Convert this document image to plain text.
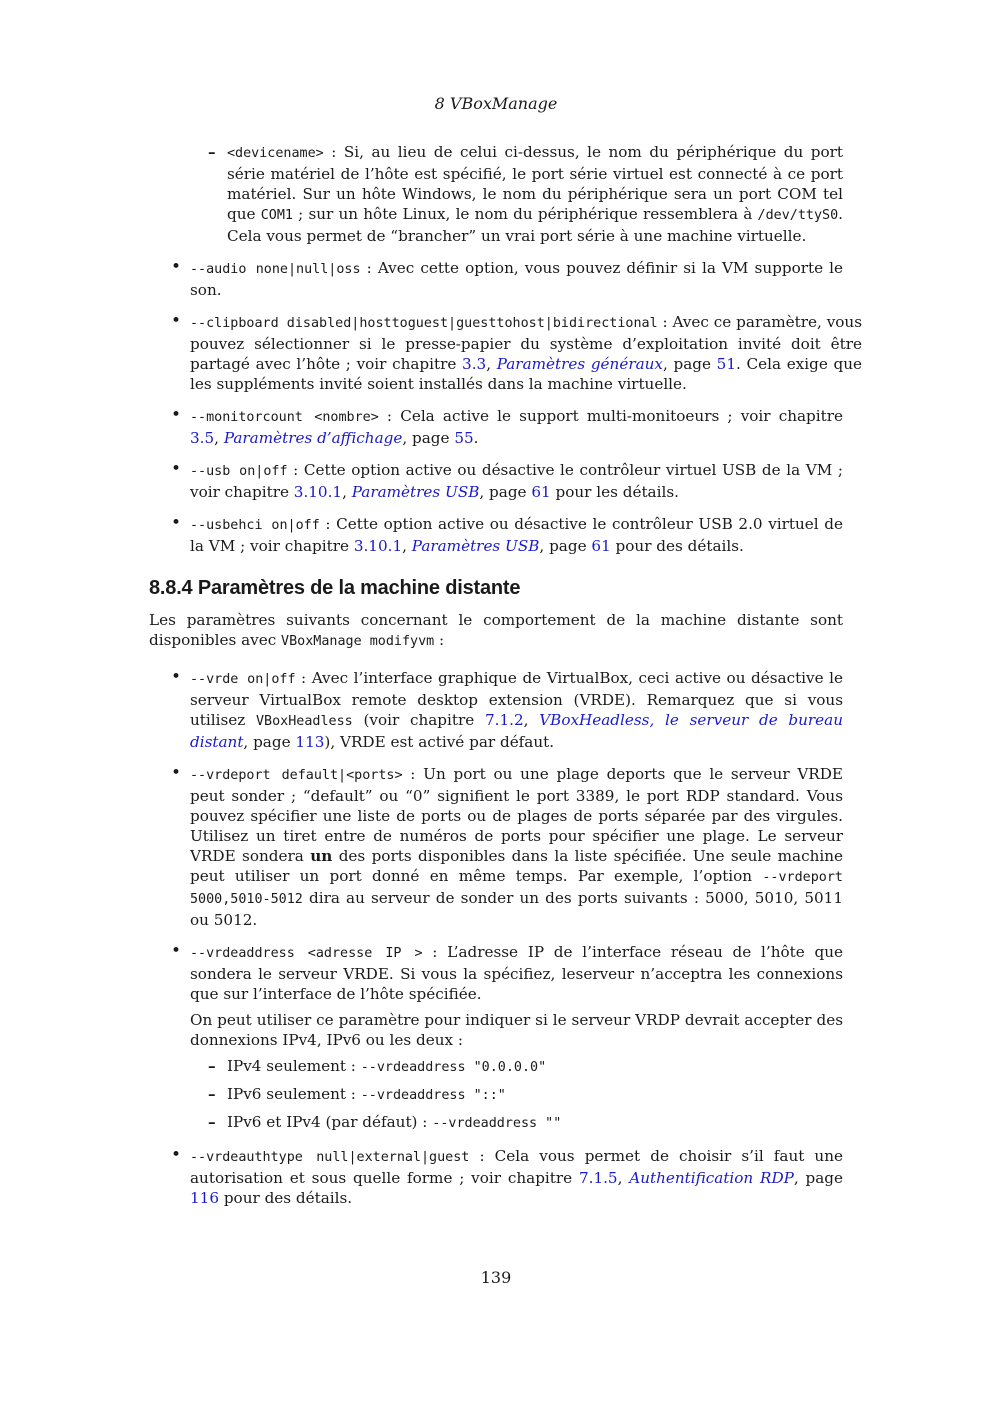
8 VBoxManage
– <devicename> : Si, au lieu de celui ci-dessus, le nom du périphérique du port série matériel de l’hôte est spécifié, le port série virtuel est connecté à ce port matériel. Sur un hôte Windows, le nom du périphérique sera un port COM tel que COM1 ; sur un hôte Linux, le nom du périphérique ressemblera à /dev/ttyS0. Cela vous permet de “brancher” un vrai port série à une machine virtuelle.

• --audio none|null|oss : Avec cette option, vous pouvez définir si la VM supporte le son.

• --clipboard disabled|hosttoguest|guesttohost|bidirectional : Avec ce paramètre, vous pouvez sélectionner si le presse-papier du système d’exploitation invité doit être partagé avec l’hôte ; voir chapitre 3.3, Paramètres généraux, page 51. Cela exige que les suppléments invité soient installés dans la machine virtuelle.

• --monitorcount <nombre> : Cela active le support multi-monitoeurs ; voir chapitre 3.5, Paramètres d’affichage, page 55.

• --usb on|off : Cette option active ou désactive le contrôleur virtuel USB de la VM ; voir chapitre 3.10.1, Paramètres USB, page 61 pour les détails.

• --usbehci on|off : Cette option active ou désactive le contrôleur USB 2.0 virtuel de la VM ; voir chapitre 3.10.1, Paramètres USB, page 61 pour des détails.

8.8.4 Paramètres de la machine distante

Les paramètres suivants concernant le comportement de la machine distante sont disponibles avec VBoxManage modifyvm :

• --vrde on|off : Avec l’interface graphique de VirtualBox, ceci active ou désactive le serveur VirtualBox remote desktop extension (VRDE). Remarquez que si vous utilisez VBoxHeadless (voir chapitre 7.1.2, VBoxHeadless, le serveur de bureau distant, page 113), VRDE est activé par défaut.

• --vrdeport default|<ports> : Un port ou une plage deports que le serveur VRDE peut sonder ; “default” ou “0” signifient le port 3389, le port RDP standard. Vous pouvez spécifier une liste de ports ou de plages de ports séparée par des virgules. Utilisez un tiret entre de numéros de ports pour spécifier une plage. Le serveur VRDE sondera un des ports disponibles dans la liste spécifiée. Une seule machine peut utiliser un port donné en même temps. Par exemple, l’option --vrdeport 5000,5010-5012 dira au serveur de sonder un des ports suivants : 5000, 5010, 5011 ou 5012.

• --vrdeaddress <adresse IP > : L’adresse IP de l’interface réseau de l’hôte que sondera le serveur VRDE. Si vous la spécifiez, leserveur n’acceptra les connexions que sur l’interface de l’hôte spécifiée.

On peut utiliser ce paramètre pour indiquer si le serveur VRDP devrait accepter des donnexions IPv4, IPv6 ou les deux :

– IPv4 seulement : --vrdeaddress "0.0.0.0"
– IPv6 seulement : --vrdeaddress "::"
– IPv6 et IPv4 (par défaut) : --vrdeaddress ""
• --vrdeauthtype null|external|guest : Cela vous permet de choisir s’il faut une autorisation et sous quelle forme ; voir chapitre 7.1.5, Authentification RDP, page 116 pour des détails.

139
